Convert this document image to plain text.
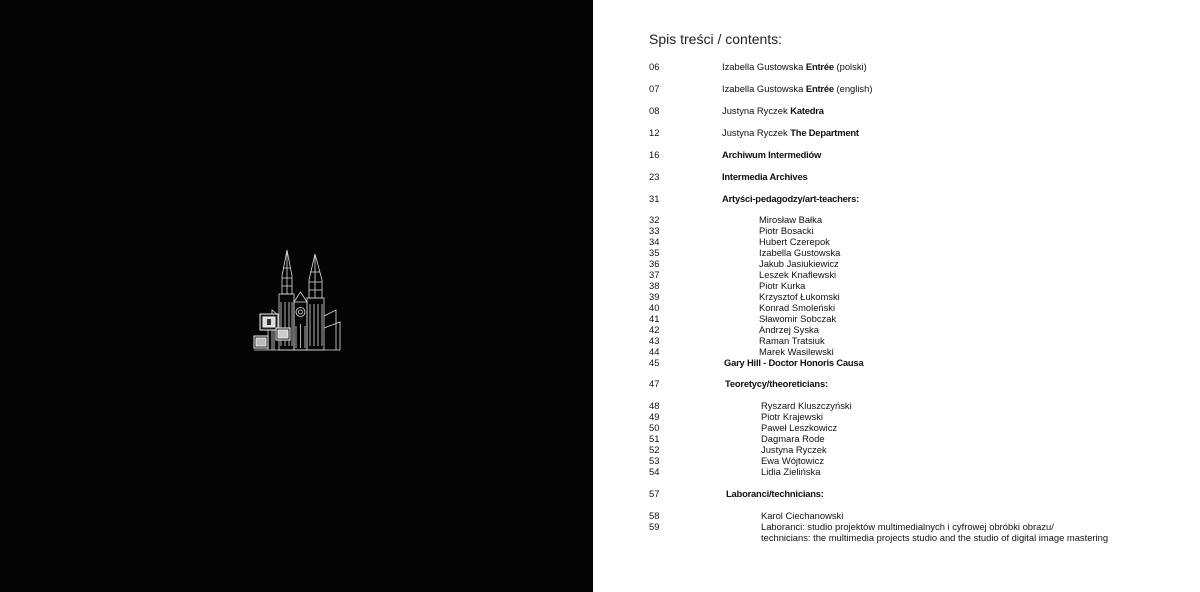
Spis treści / contents:
06	Izabella Gustowska Entrée (polski)
07	Izabella Gustowska Entrée (english)
08	Justyna Ryczek Katedra
12	Justyna Ryczek The Department
16	Archiwum Intermediów
23	Intermedia Archives
31	Artyści-pedagodzy/art-teachers:
32	Mirosław Bałka
33	Piotr Bosacki
34	Hubert Czerepok
35	Izabella Gustowska
36	Jakub Jasiukiewicz
37	Leszek Knaflewski
38	Piotr Kurka
39	Krzysztof Łukomski
40	Konrad Smoleński
41	Sławomir Sobczak
42	Andrzej Syska
43	Raman Tratsiuk
44	Marek Wasilewski
45	Gary Hill - Doctor Honoris Causa
47	Teoretycy/theoreticians:
48	Ryszard Kluszczyński
49	Piotr Krajewski
50	Paweł Leszkowicz
51	Dagmara Rode
52	Justyna Ryczek
53	Ewa Wójtowicz
54	Lidia Zielińska
57	Laboranci/technicians:
58	Karol Ciechanowski
59	Laboranci: studio projektów multimedialnych i cyfrowej obróbki obrazu/
technicians: the multimedia projects studio and the studio of digital image mastering
